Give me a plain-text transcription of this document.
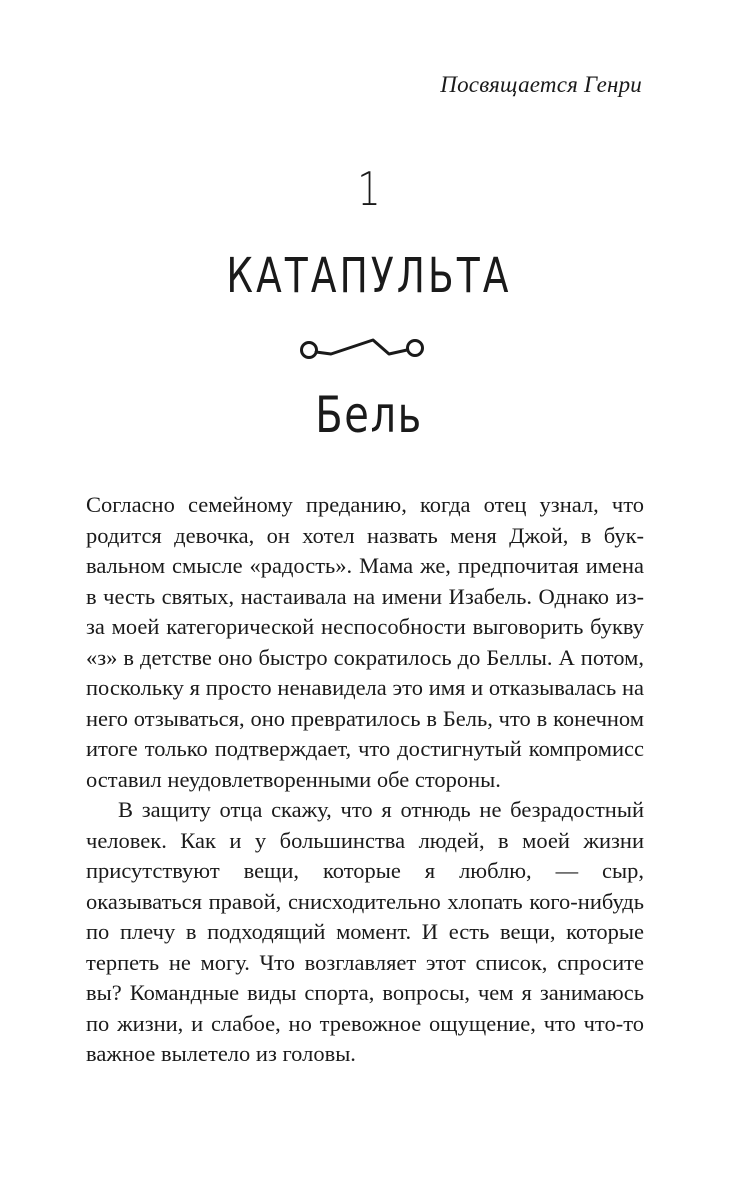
Посвящается Генри
1
КАТАПУЛЬТА
Бель

Согласно семейному преданию, когда отец узнал, что родится девочка, он хотел назвать меня Джой, в буквальном смысле «радость». Мама же, предпочитая имена в честь святых, настаивала на имени Изабель. Однако из-за моей категорической неспособности выговорить букву «з» в детстве оно быстро сократилось до Беллы. А потом, поскольку я просто ненавидела это имя и отказывалась на него отзываться, оно превратилось в Бель, что в конечном итоге только подтверждает, что достигнутый компромисс оставил неудовлетворенными обе стороны.

В защиту отца скажу, что я отнюдь не безрадостный человек. Как и у большинства людей, в моей жизни присутствуют вещи, которые я люблю, — сыр, оказываться правой, снисходительно хлопать кого-нибудь по плечу в подходящий момент. И есть вещи, которые терпеть не могу. Что возглавляет этот список, спросите вы? Командные виды спорта, вопросы, чем я занимаюсь по жизни, и слабое, но тревожное ощущение, что что-то важное вылетело из головы.
